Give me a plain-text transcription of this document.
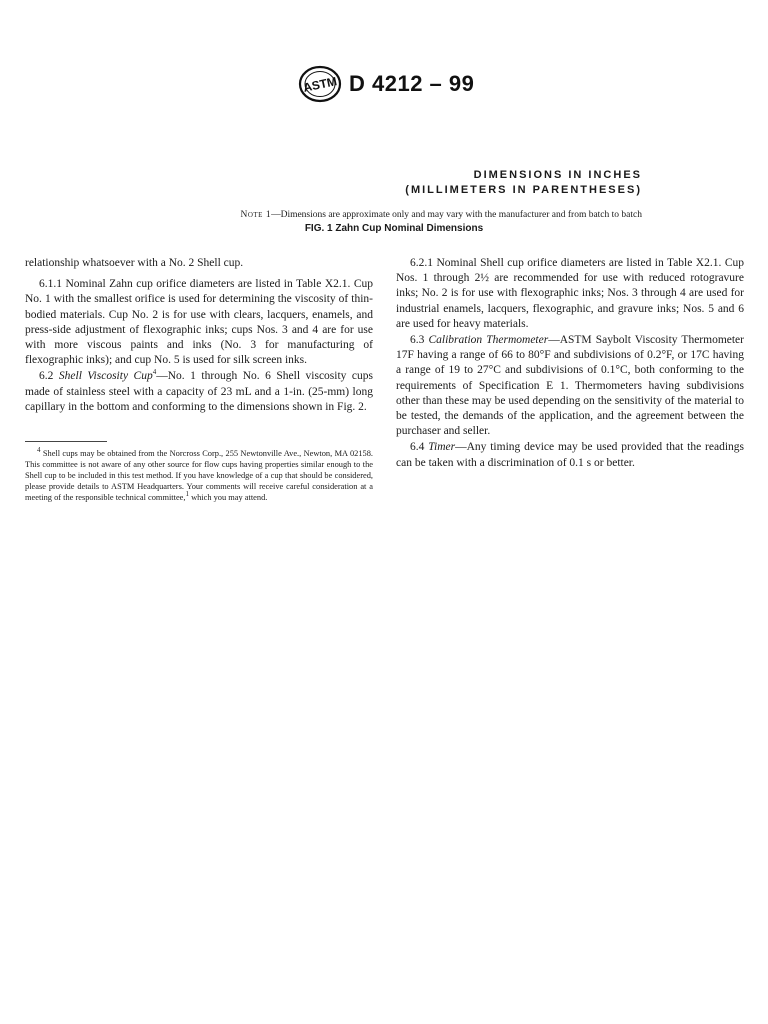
ASTM D 4212 – 99
DIMENSIONS IN INCHES
(MILLIMETERS IN PARENTHESES)
Note 1—Dimensions are approximate only and may vary with the manufacturer and from batch to batch
FIG. 1 Zahn Cup Nominal Dimensions

relationship whatsoever with a No. 2 Shell cup.

6.1.1 Nominal Zahn cup orifice diameters are listed in Table X2.1. Cup No. 1 with the smallest orifice is used for determining the viscosity of thin-bodied materials. Cup No. 2 is for use with clears, lacquers, enamels, and press-side adjustment of flexographic inks; cups Nos. 3 and 4 are for use with more viscous paints and inks (No. 3 for manufacturing of flexographic inks); and cup No. 5 is used for silk screen inks.

6.2 Shell Viscosity Cup$^4$—No. 1 through No. 6 Shell viscosity cups made of stainless steel with a capacity of 23 mL and a 1-in. (25-mm) long capillary in the bottom and conforming to the dimensions shown in Fig. 2.

$^4$ Shell cups may be obtained from the Norcross Corp., 255 Newtonville Ave., Newton, MA 02158. This committee is not aware of any other source for flow cups having properties similar enough to the Shell cup to be included in this test method. If you have knowledge of a cup that should be considered, please provide details to ASTM Headquarters. Your comments will receive careful consideration at a meeting of the responsible technical committee,$^1$ which you may attend.

6.2.1 Nominal Shell cup orifice diameters are listed in Table X2.1. Cup Nos. 1 through 2½ are recommended for use with reduced rotogravure inks; No. 2 is for use with flexographic inks; Nos. 3 through 4 are used for industrial enamels, lacquers, flexographic, and gravure inks; Nos. 5 and 6 are used for heavy materials.

6.3 Calibration Thermometer—ASTM Saybolt Viscosity Thermometer 17F having a range of 66 to 80°F and subdivisions of 0.2°F, or 17C having a range of 19 to 27°C and subdivisions of 0.1°C, both conforming to the requirements of Specification E 1. Thermometers having subdivisions other than these may be used depending on the sensitivity of the material to be tested, the demands of the application, and the agreement between the purchaser and seller.

6.4 Timer—Any timing device may be used provided that the readings can be taken with a discrimination of 0.1 s or better.
